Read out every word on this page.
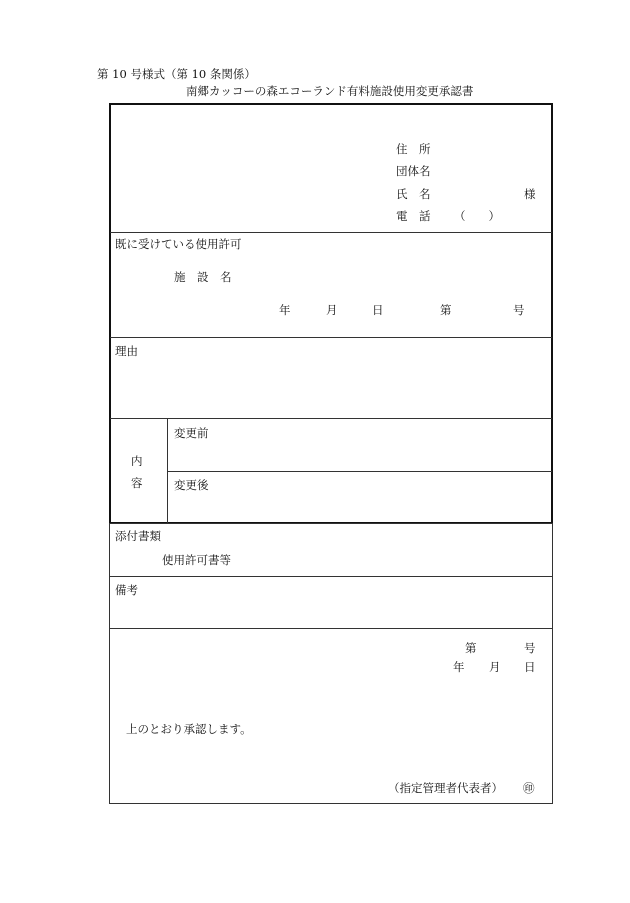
第 10 号様式（第 10 条関係）
南郷カッコーの森エコーランド有料施設使用変更承認書
住　所
団体名
氏　名	様
電　話 （　　）
既に受けている使用許可
施　設　名
年	月	日	第	号
理由
内
容
変更前
変更後
添付書類
使用許可書等
備考
第	号
年 月 日
上のとおり承認します。
（指定管理者代表者） ㊞
